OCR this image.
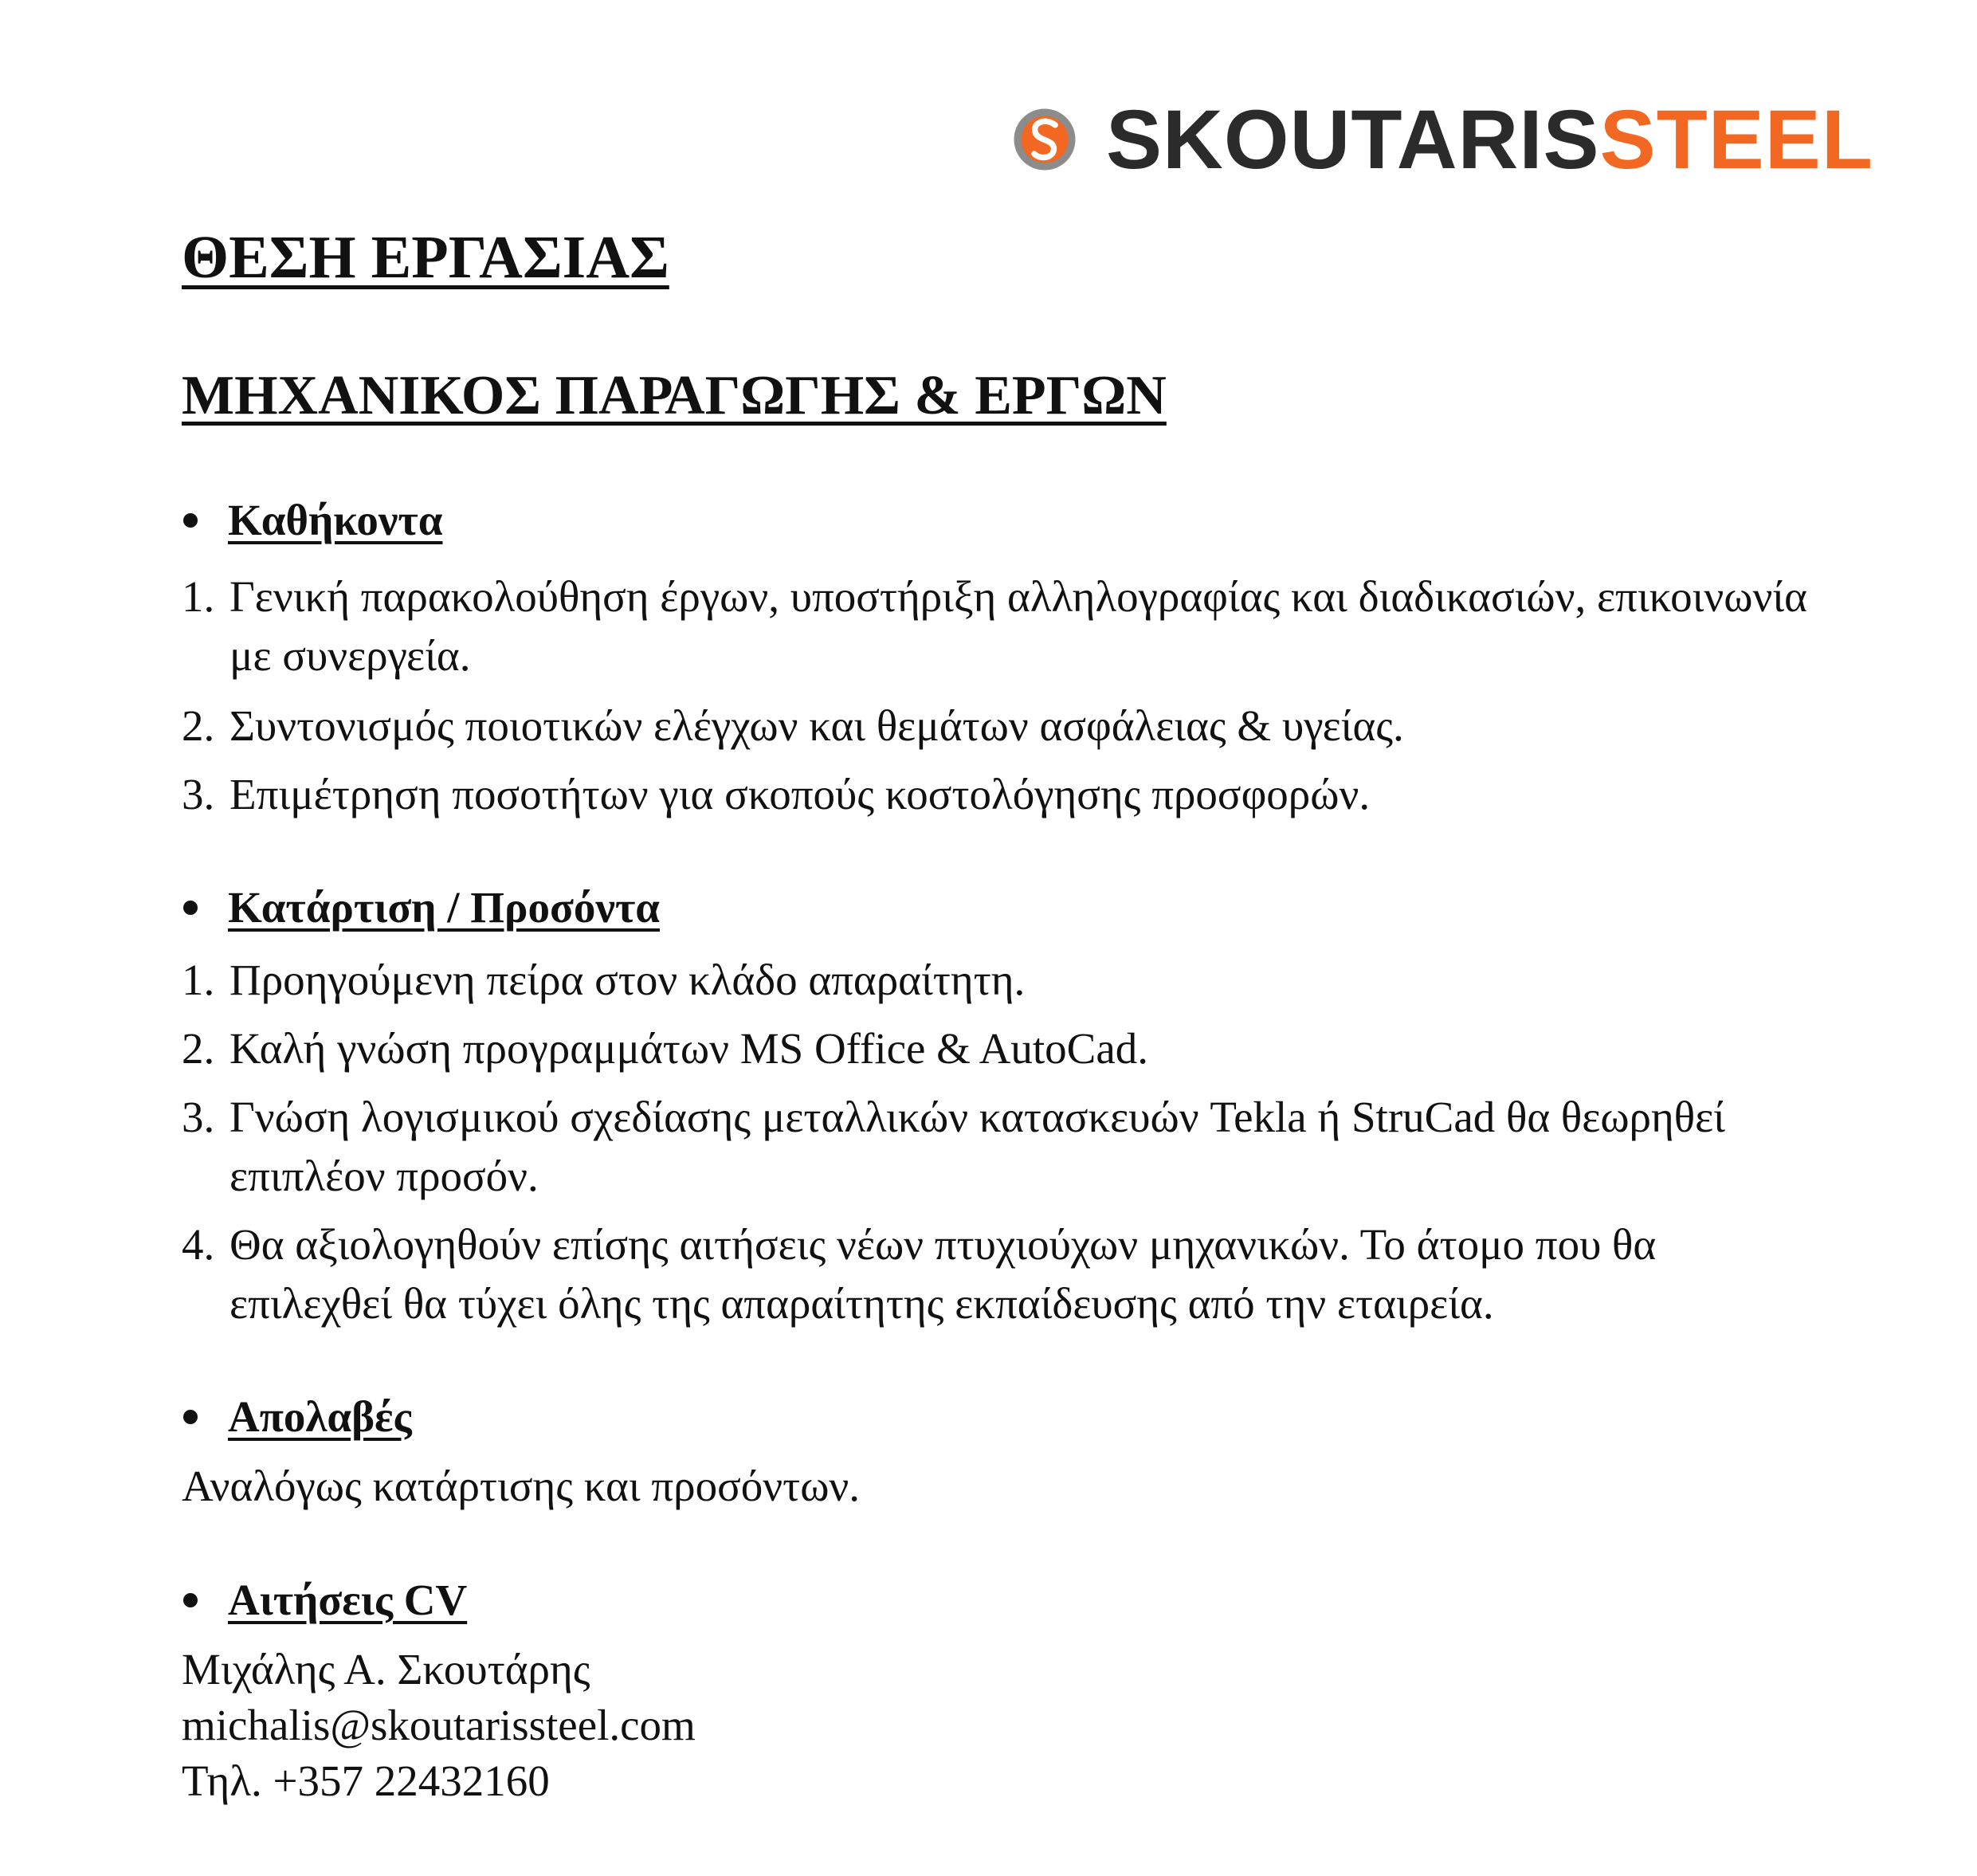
SKOUTARISSTEEL
ΘΕΣΗ ΕΡΓΑΣΙΑΣ
ΜΗΧΑΝΙΚΟΣ ΠΑΡΑΓΩΓΗΣ & ΕΡΓΩΝ
Καθήκοντα
1. Γενική παρακολούθηση έργων, υποστήριξη αλληλογραφίας και διαδικασιών, επικοινωνία με συνεργεία.
2. Συντονισμός ποιοτικών ελέγχων και θεμάτων ασφάλειας & υγείας.
3. Επιμέτρηση ποσοτήτων για σκοπούς κοστολόγησης προσφορών.
Κατάρτιση / Προσόντα
1. Προηγούμενη πείρα στον κλάδο απαραίτητη.
2. Καλή γνώση προγραμμάτων MS Office & AutoCad.
3. Γνώση λογισμικού σχεδίασης μεταλλικών κατασκευών Tekla ή StruCad θα θεωρηθεί επιπλέον προσόν.
4. Θα αξιολογηθούν επίσης αιτήσεις νέων πτυχιούχων μηχανικών. Το άτομο που θα επιλεχθεί θα τύχει όλης της απαραίτητης εκπαίδευσης από την εταιρεία.
Απολαβές
Αναλόγως κατάρτισης και προσόντων.
Αιτήσεις CV
Μιχάλης Α. Σκουτάρης
michalis@skoutarissteel.com
Τηλ. +357 22432160
